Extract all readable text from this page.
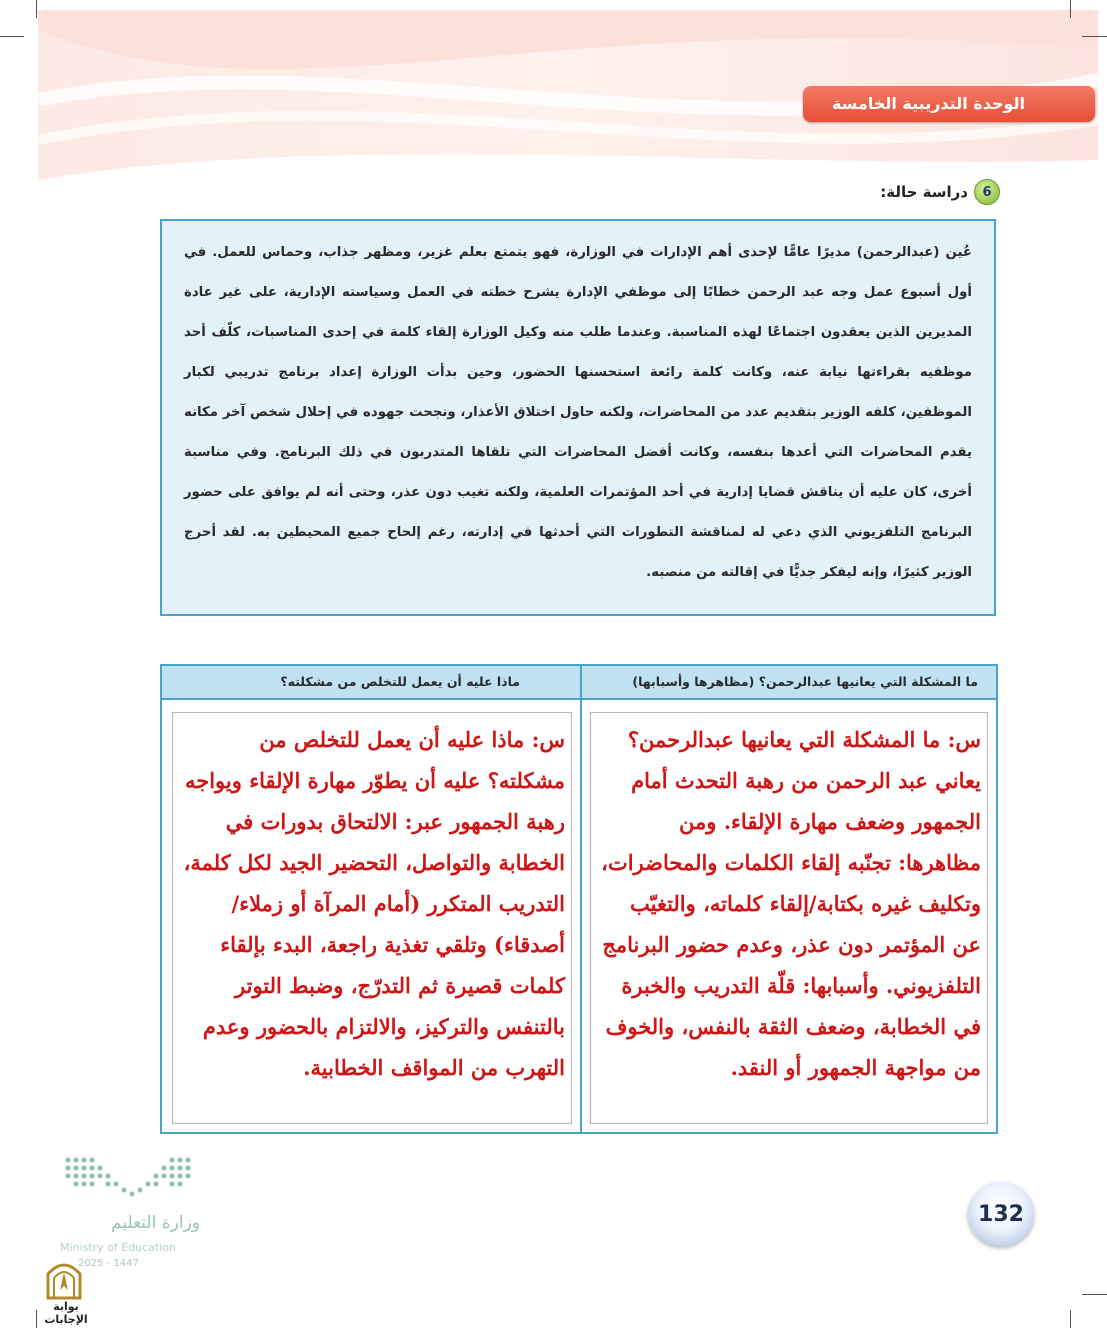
الوحدة التدريبية الخامسة
6
دراسة حالة:

عُين (عبدالرحمن) مديرًا عامًّا لإحدى أهم الإدارات في الوزارة، فهو يتمتع بعلم غزير، ومظهر جذاب، وحماس للعمل. في أول أسبوع عمل وجه عبد الرحمن خطابًا إلى موظفي الإدارة يشرح خطته في العمل وسياسته الإدارية، على غير عادة المديرين الذين يعقدون اجتماعًا لهذه المناسبة. وعندما طلب منه وكيل الوزارة إلقاء كلمة في إحدى المناسبات، كلّف أحد موظفيه بقراءتها نيابة عنه، وكانت كلمة رائعة استحسنها الحضور، وحين بدأت الوزارة إعداد برنامج تدريبي لكبار الموظفين، كلفه الوزير بتقديم عدد من المحاضرات، ولكنه حاول اختلاق الأعذار، ونجحت جهوده في إحلال شخص آخر مكانه يقدم المحاضرات التي أعدها بنفسه، وكانت أفضل المحاضرات التي تلقاها المتدربون في ذلك البرنامج. وفي مناسبة أخرى، كان عليه أن يناقش قضايا إدارية في أحد المؤتمرات العلمية، ولكنه تغيب دون عذر، وحتى أنه لم يوافق على حضور البرنامج التلفزيوني الذي دعي له لمناقشة التطورات التي أحدثها في إدارته، رغم إلحاح جميع المحيطين به. لقد أحرج الوزير كثيرًا، وإنه ليفكر جديًّا في إقالته من منصبه.

ما المشكلة التي يعانيها عبدالرحمن؟ (مظاهرها وأسبابها)
ماذا عليه أن يعمل للتخلص من مشكلته؟

س: ما المشكلة التي يعانيها عبدالرحمن؟ يعاني عبد الرحمن من رهبة التحدث أمام الجمهور وضعف مهارة الإلقاء. ومن مظاهرها: تجنّبه إلقاء الكلمات والمحاضرات، وتكليف غيره بكتابة/إلقاء كلماته، والتغيّب عن المؤتمر دون عذر، وعدم حضور البرنامج التلفزيوني. وأسبابها: قلّة التدريب والخبرة في الخطابة، وضعف الثقة بالنفس، والخوف من مواجهة الجمهور أو النقد.

س: ماذا عليه أن يعمل للتخلص من مشكلته؟ عليه أن يطوّر مهارة الإلقاء ويواجه رهبة الجمهور عبر: الالتحاق بدورات في الخطابة والتواصل، التحضير الجيد لكل كلمة، التدريب المتكرر (أمام المرآة أو زملاء/أصدقاء) وتلقي تغذية راجعة، البدء بإلقاء كلمات قصيرة ثم التدرّج، وضبط التوتر بالتنفس والتركيز، والالتزام بالحضور وعدم التهرب من المواقف الخطابية.

132
وزارة التعليم
Ministry of Education
2025 - 1447
بوابة الإجابات
